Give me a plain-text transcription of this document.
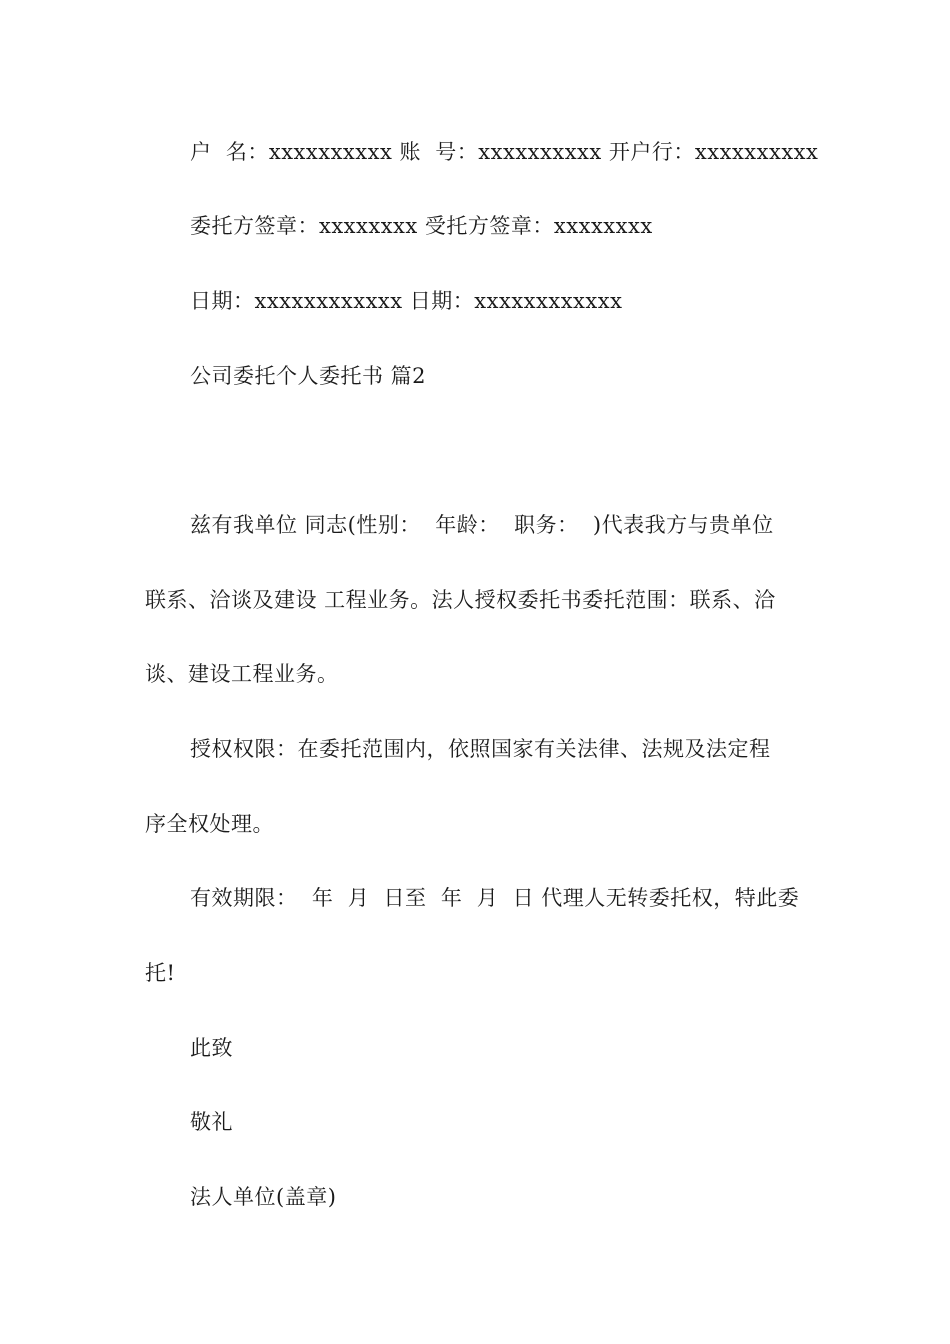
户  名：xxxxxxxxxx 账  号：xxxxxxxxxx 开户行：xxxxxxxxxx
委托方签章：xxxxxxxx 受托方签章：xxxxxxxx
日期：xxxxxxxxxxxx 日期：xxxxxxxxxxxx
公司委托个人委托书 篇2
兹有我单位 同志(性别：  年龄：  职务：  )代表我方与贵单位
联系、洽谈及建设 工程业务。法人授权委托书委托范围：联系、洽
谈、建设工程业务。
授权权限：在委托范围内，依照国家有关法律、法规及法定程
序全权处理。
有效期限：  年  月  日至  年  月  日 代理人无转委托权，特此委
托!
此致
敬礼
法人单位(盖章)
